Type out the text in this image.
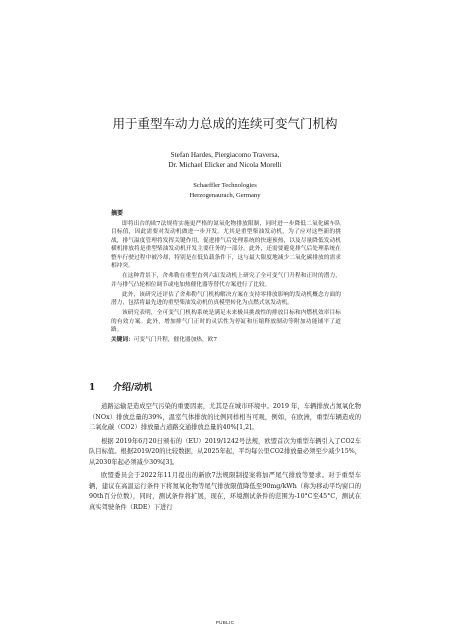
用于重型车动力总成的连续可变气门机构
Stefan Hardes, Piergiacomo Traversa,
Dr. Michael Elicker and Nicola Morelli
Schaeffler Technologies
Herzogenaurach, Germany
摘要

即将出台的欧7法规将实施更严格的氮氧化物排放限制，同时进一步降低二氧化碳车队目标值，因此需要对发动机做进一步开发。尤其是重型柴油发动机，为了应对这些新的挑战，排气温度管理将发挥关键作用，促进排气后处理系统的快速预热，以及尽量降低发动机横机排放将是重型柴油发动机开发主要任务的一部分。此外，还需要避免排气后处理系统在整车行驶过程中被冷却，特别是在低负载条件下，这与最大限度地减少二氧化碳排放的需求相冲突。

在这种背景下，舍弗勒在重型直列六缸发动机上研究了全可变气门升程和正时的潜力，并与排气凸轮相位调节或电加热催化器等替代方案进行了比较。

此外，该研究还评估了舍弗勒气门机构解决方案在支持零排放影响的发动机概念方面的潜力，包括将最先进的重型柴油发动机仿真模型转化为点燃式氢发动机。

该研究表明，全可变气门机构系统是满足未来极具挑战性的排放目标和内燃机效率目标的有效方案。此外，增加排气门正时的灵活性为停缸和压缩释放制动等附加功能铺平了道路。

关键词：可变气门升程，催化器加热，欧7
1 介绍/动机

道路运输是造成空气污染的重要因素，尤其是在城市环境中。2019 年，车辆排放占氮氧化物（NOx）排放总量的39%，温室气体排放的比例同样相当可观，例如，在欧洲，重型车辆造成的二氧化碳（CO2）排放量占道路交通排放总量的40%[1,2]。

根据 2019年6月20日颁布的（EU）2019/1242号法规，欧盟首次为重型车辆引入了CO2车队目标值。根据2019/20的比较数据，从2025年起，平均每公里CO2排放量必须至少减少15%，从2030年起必须减少30%[3]。

欧盟委员会于2022年11月提出的新欧7法规限制提案将加严尾气排放等要求。对于重型车辆，建议在高温运行条件下将氮氧化物等尾气排放限值降低至90mg/kWh（称为移动平均窗口的90th百分位数），同时，测试条件将扩展，现在，环境测试条件的范围为-10°C至45°C，测试在真实驾驶条件（RDE）下进行

PUBLIC
